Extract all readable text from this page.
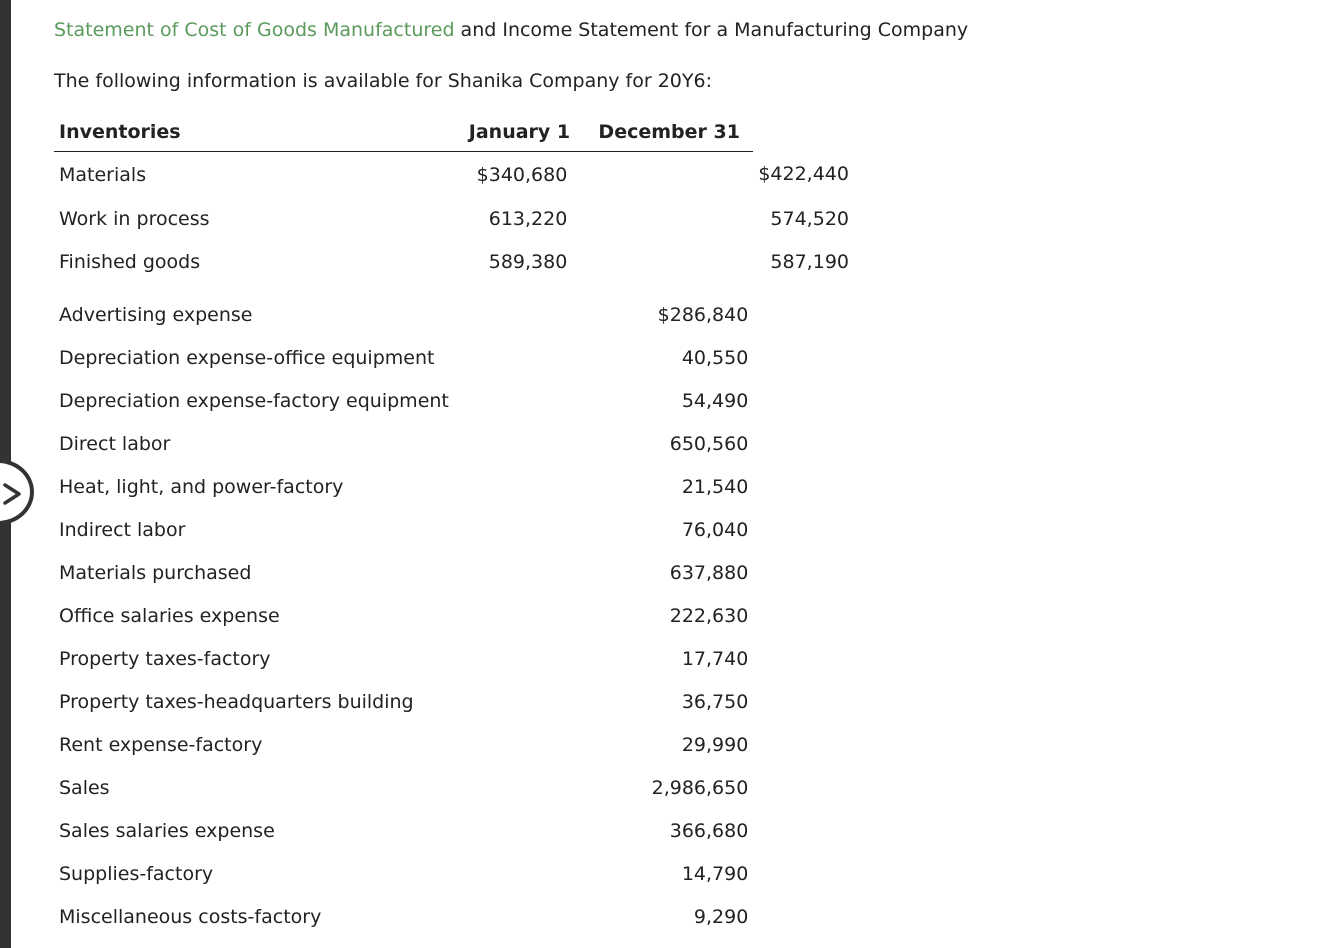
Statement of Cost of Goods Manufactured and Income Statement for a Manufacturing Company
The following information is available for Shanika Company for 20Y6:
Inventories	January 1	December 31	
Materials	$340,680		$422,440
Work in process	613,220		574,520
Finished goods	589,380		587,190

Advertising expense		$286,840	
Depreciation expense-office equipment		40,550	
Depreciation expense-factory equipment		54,490	
Direct labor		650,560	
Heat, light, and power-factory		21,540	
Indirect labor		76,040	
Materials purchased		637,880	
Office salaries expense		222,630	
Property taxes-factory		17,740	
Property taxes-headquarters building		36,750	
Rent expense-factory		29,990	
Sales		2,986,650	
Sales salaries expense		366,680	
Supplies-factory		14,790	
Miscellaneous costs-factory		9,290	
